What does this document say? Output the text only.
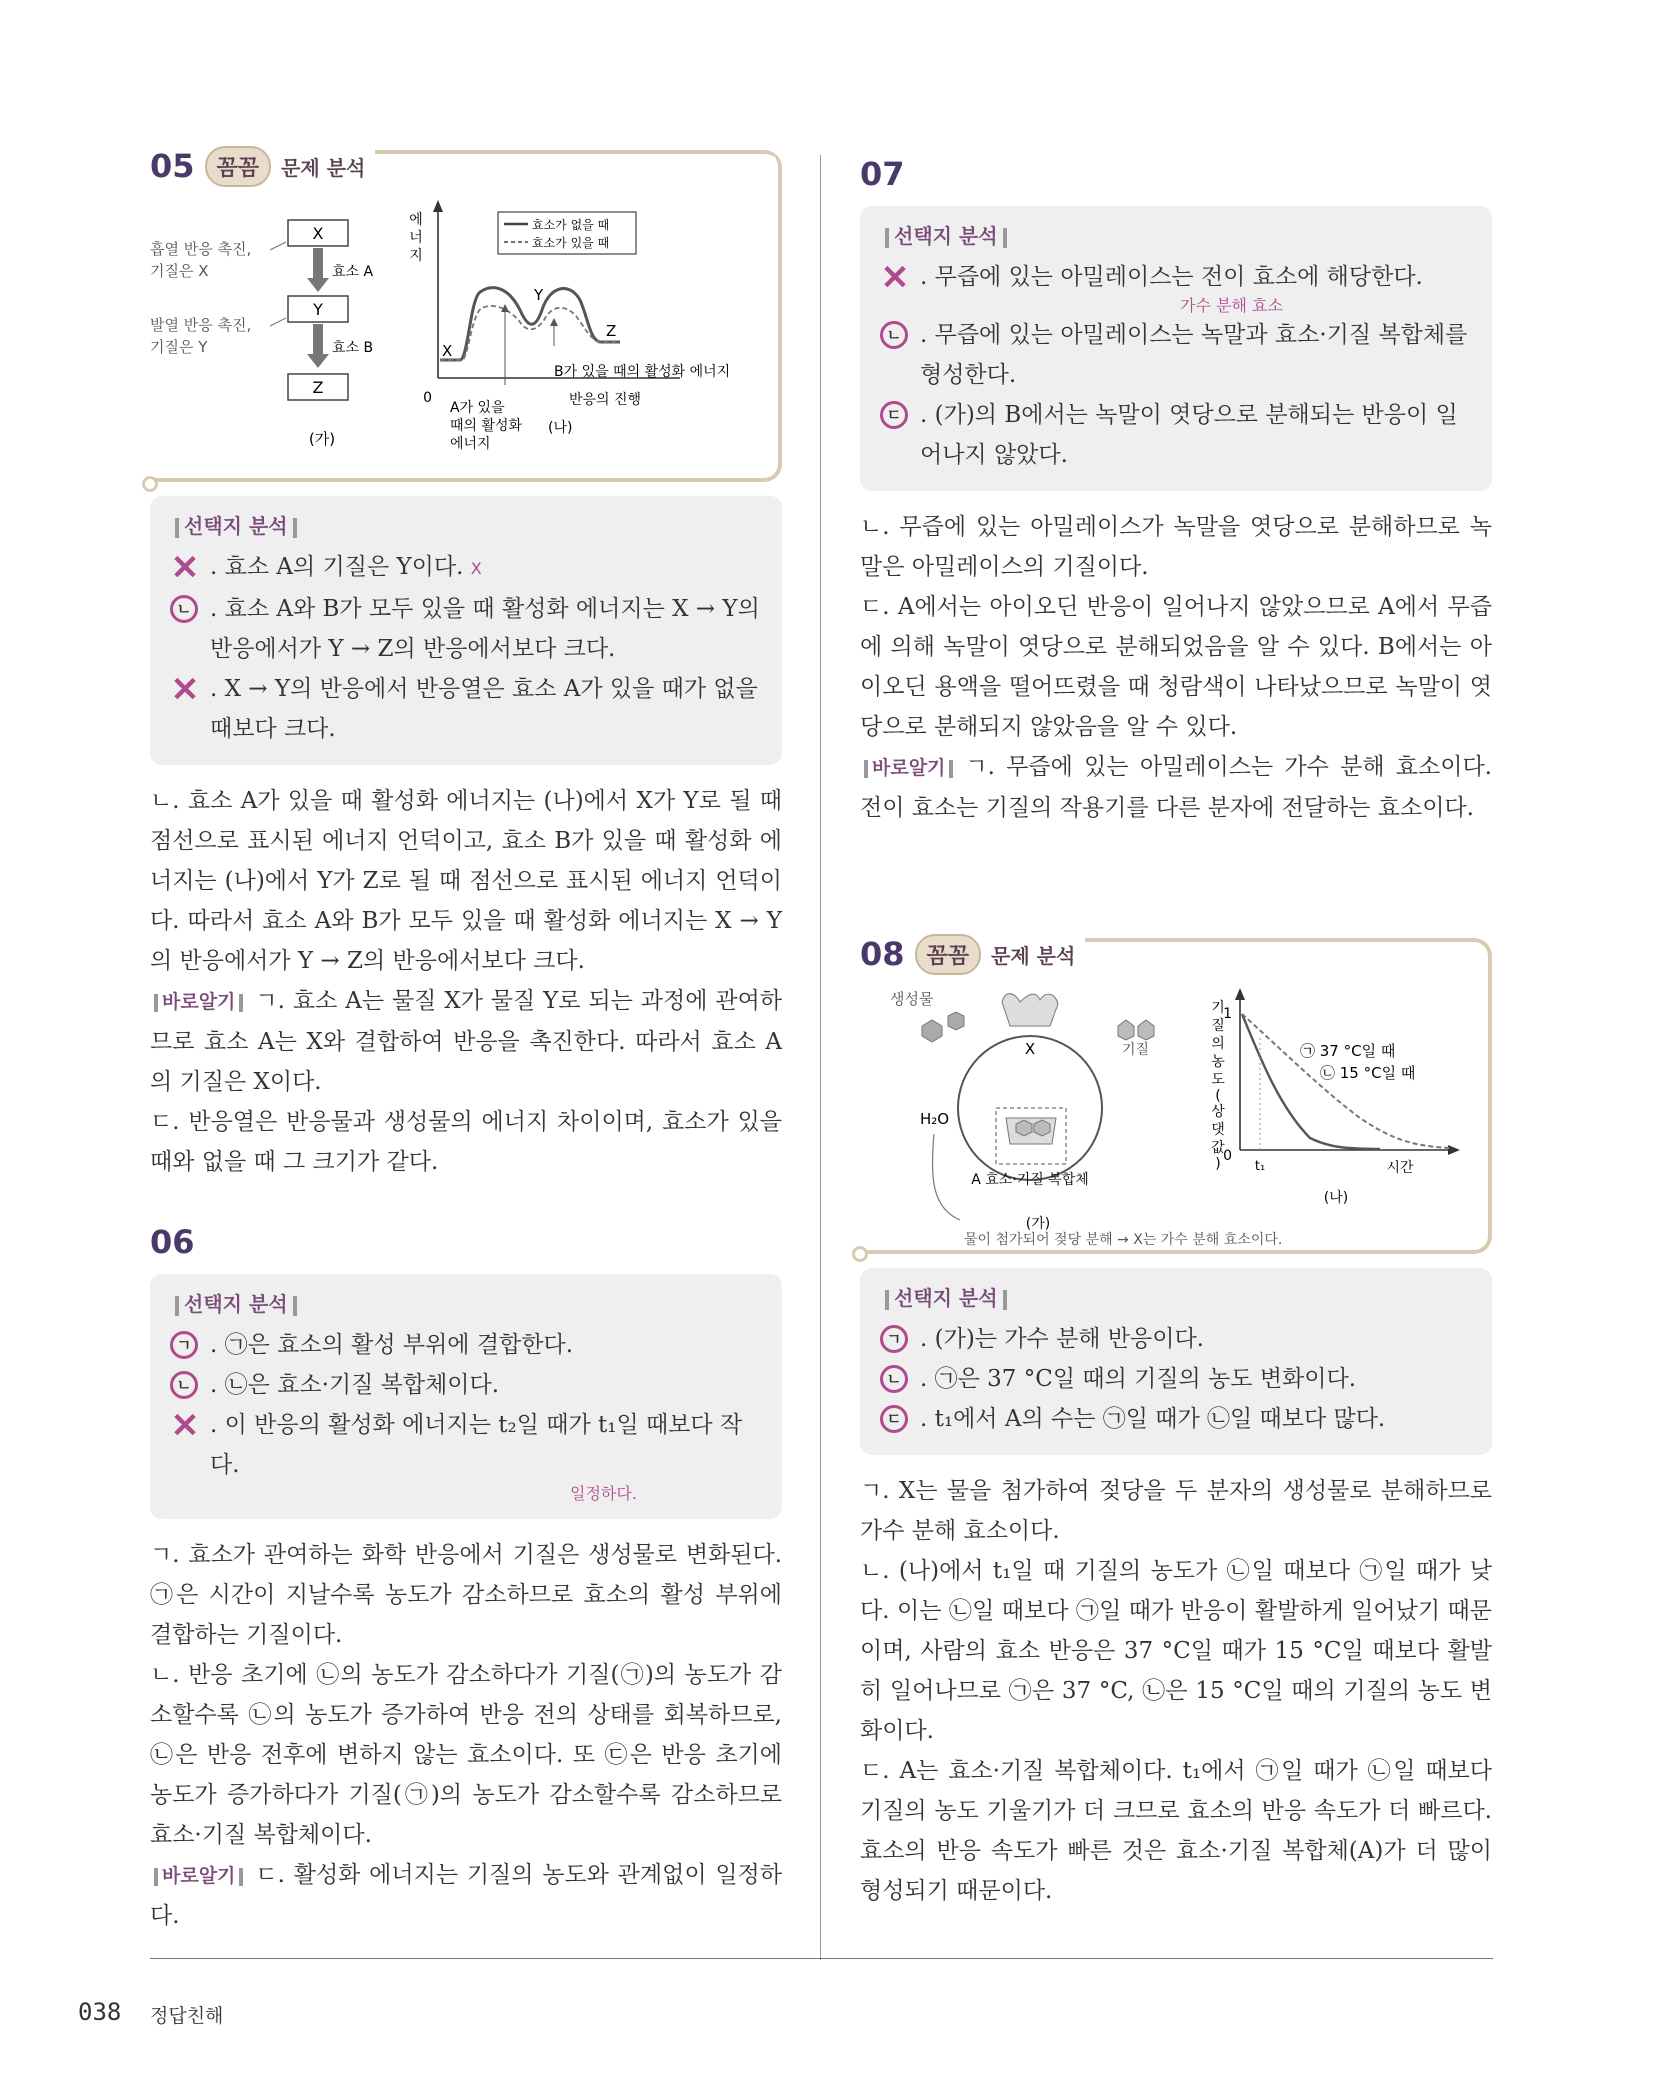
05	꼼꼼	문제 분석
X
Y
Z
효소 A
효소 B
흡열 반응 촉진,
기질은 X
발열 반응 촉진,
기질은 Y
(가)
에
너
지
0	반응의 진행
효소가 없을 때
효소가 있을 때
X
Y
Z
B가 있을 때의 활성화 에너지
A가 있을
때의 활성화
에너지
(나)
선택지 분석
✕ . 효소 A의 기질은 Y이다. X
ㄴ . 효소 A와 B가 모두 있을 때 활성화 에너지는 X → Y의 반응에서가 Y → Z의 반응에서보다 크다.
✕ . X → Y의 반응에서 반응열은 효소 A가 있을 때가 없을 때보다 크다.

ㄴ. 효소 A가 있을 때 활성화 에너지는 (나)에서 X가 Y로 될 때 점선으로 표시된 에너지 언덕이고, 효소 B가 있을 때 활성화 에너지는 (나)에서 Y가 Z로 될 때 점선으로 표시된 에너지 언덕이다. 따라서 효소 A와 B가 모두 있을 때 활성화 에너지는 X → Y의 반응에서가 Y → Z의 반응에서보다 크다.

바로알기 ㄱ. 효소 A는 물질 X가 물질 Y로 되는 과정에 관여하므로 효소 A는 X와 결합하여 반응을 촉진한다. 따라서 효소 A의 기질은 X이다.

ㄷ. 반응열은 반응물과 생성물의 에너지 차이이며, 효소가 있을 때와 없을 때 그 크기가 같다.

06
선택지 분석
ㄱ . ㉠은 효소의 활성 부위에 결합한다.
ㄴ . ㉡은 효소·기질 복합체이다.
✕ . 이 반응의 활성화 에너지는 t₂일 때가 t₁일 때보다 작다.
일정하다.

ㄱ. 효소가 관여하는 화학 반응에서 기질은 생성물로 변화된다. ㉠은 시간이 지날수록 농도가 감소하므로 효소의 활성 부위에 결합하는 기질이다.

ㄴ. 반응 초기에 ㉡의 농도가 감소하다가 기질(㉠)의 농도가 감소할수록 ㉡의 농도가 증가하여 반응 전의 상태를 회복하므로, ㉡은 반응 전후에 변하지 않는 효소이다. 또 ㉢은 반응 초기에 농도가 증가하다가 기질(㉠)의 농도가 감소할수록 감소하므로 효소·기질 복합체이다.

바로알기 ㄷ. 활성화 에너지는 기질의 농도와 관계없이 일정하다.

07
선택지 분석
✕ . 무즙에 있는 아밀레이스는 전이 효소에 해당한다.
가수 분해 효소
ㄴ . 무즙에 있는 아밀레이스는 녹말과 효소·기질 복합체를 형성한다.
ㄷ . (가)의 B에서는 녹말이 엿당으로 분해되는 반응이 일어나지 않았다.

ㄴ. 무즙에 있는 아밀레이스가 녹말을 엿당으로 분해하므로 녹말은 아밀레이스의 기질이다.

ㄷ. A에서는 아이오딘 반응이 일어나지 않았으므로 A에서 무즙에 의해 녹말이 엿당으로 분해되었음을 알 수 있다. B에서는 아이오딘 용액을 떨어뜨렸을 때 청람색이 나타났으므로 녹말이 엿당으로 분해되지 않았음을 알 수 있다.

바로알기 ㄱ. 무즙에 있는 아밀레이스는 가수 분해 효소이다. 전이 효소는 기질의 작용기를 다른 분자에 전달하는 효소이다.

08	꼼꼼	문제 분석
생성물
X	기질
H₂O
A 효소·기질 복합체
(가)
물이 첨가되어 젖당 분해 → X는 가수 분해 효소이다.
기
질
의
농
도
(
상
댓
값
)
1
0
t₁	시간
㉠ 37 °C일 때
㉡ 15 °C일 때
(나)
선택지 분석
ㄱ . (가)는 가수 분해 반응이다.
ㄴ . ㉠은 37 °C일 때의 기질의 농도 변화이다.
ㄷ . t₁에서 A의 수는 ㉠일 때가 ㉡일 때보다 많다.

ㄱ. X는 물을 첨가하여 젖당을 두 분자의 생성물로 분해하므로 가수 분해 효소이다.

ㄴ. (나)에서 t₁일 때 기질의 농도가 ㉡일 때보다 ㉠일 때가 낮다. 이는 ㉡일 때보다 ㉠일 때가 반응이 활발하게 일어났기 때문이며, 사람의 효소 반응은 37 °C일 때가 15 °C일 때보다 활발히 일어나므로 ㉠은 37 °C, ㉡은 15 °C일 때의 기질의 농도 변화이다.

ㄷ. A는 효소·기질 복합체이다. t₁에서 ㉠일 때가 ㉡일 때보다 기질의 농도 기울기가 더 크므로 효소의 반응 속도가 더 빠르다. 효소의 반응 속도가 빠른 것은 효소·기질 복합체(A)가 더 많이 형성되기 때문이다.

038 정답친해
